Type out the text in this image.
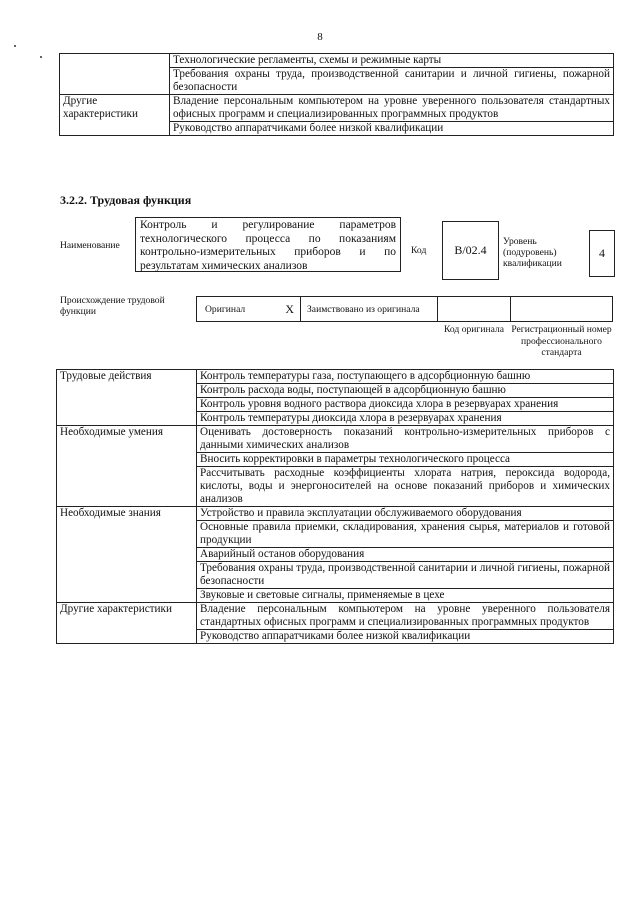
8
	Технологические регламенты, схемы и режимные карты
	Требования охраны труда, производственной санитарии и личной гигиены, пожарной безопасности
Другие характеристики	Владение персональным компьютером на уровне уверенного пользователя стандартных офисных программ и специализированных программных продуктов
	Руководство аппаратчиками более низкой квалификации
3.2.2. Трудовая функция
Наименование
Контроль и регулирование параметров технологического процесса по показаниям контрольно-измерительных приборов и по результатам химических анализов
Код	B/02.4
Уровень (подуровень) квалификации
4
Происхождение трудовой функции	Оригинал	X	Заимствовано из оригинала
Код оригинала Регистрационный номер профессионального стандарта
Трудовые действия	Контроль температуры газа, поступающего в адсорбционную башню
	Контроль расхода воды, поступающей в адсорбционную башню
	Контроль уровня водного раствора диоксида хлора в резервуарах хранения
	Контроль температуры диоксида хлора в резервуарах хранения
Необходимые умения	Оценивать достоверность показаний контрольно-измерительных приборов с данными химических анализов
	Вносить корректировки в параметры технологического процесса
	Рассчитывать расходные коэффициенты хлората натрия, пероксида водорода, кислоты, воды и энергоносителей на основе показаний приборов и химических анализов
Необходимые знания	Устройство и правила эксплуатации обслуживаемого оборудования
	Основные правила приемки, складирования, хранения сырья, материалов и готовой продукции
	Аварийный останов оборудования
	Требования охраны труда, производственной санитарии и личной гигиены, пожарной безопасности
	Звуковые и световые сигналы, применяемые в цехе
Другие характеристики	Владение персональным компьютером на уровне уверенного пользователя стандартных офисных программ и специализированных программных продуктов
	Руководство аппаратчиками более низкой квалификации
